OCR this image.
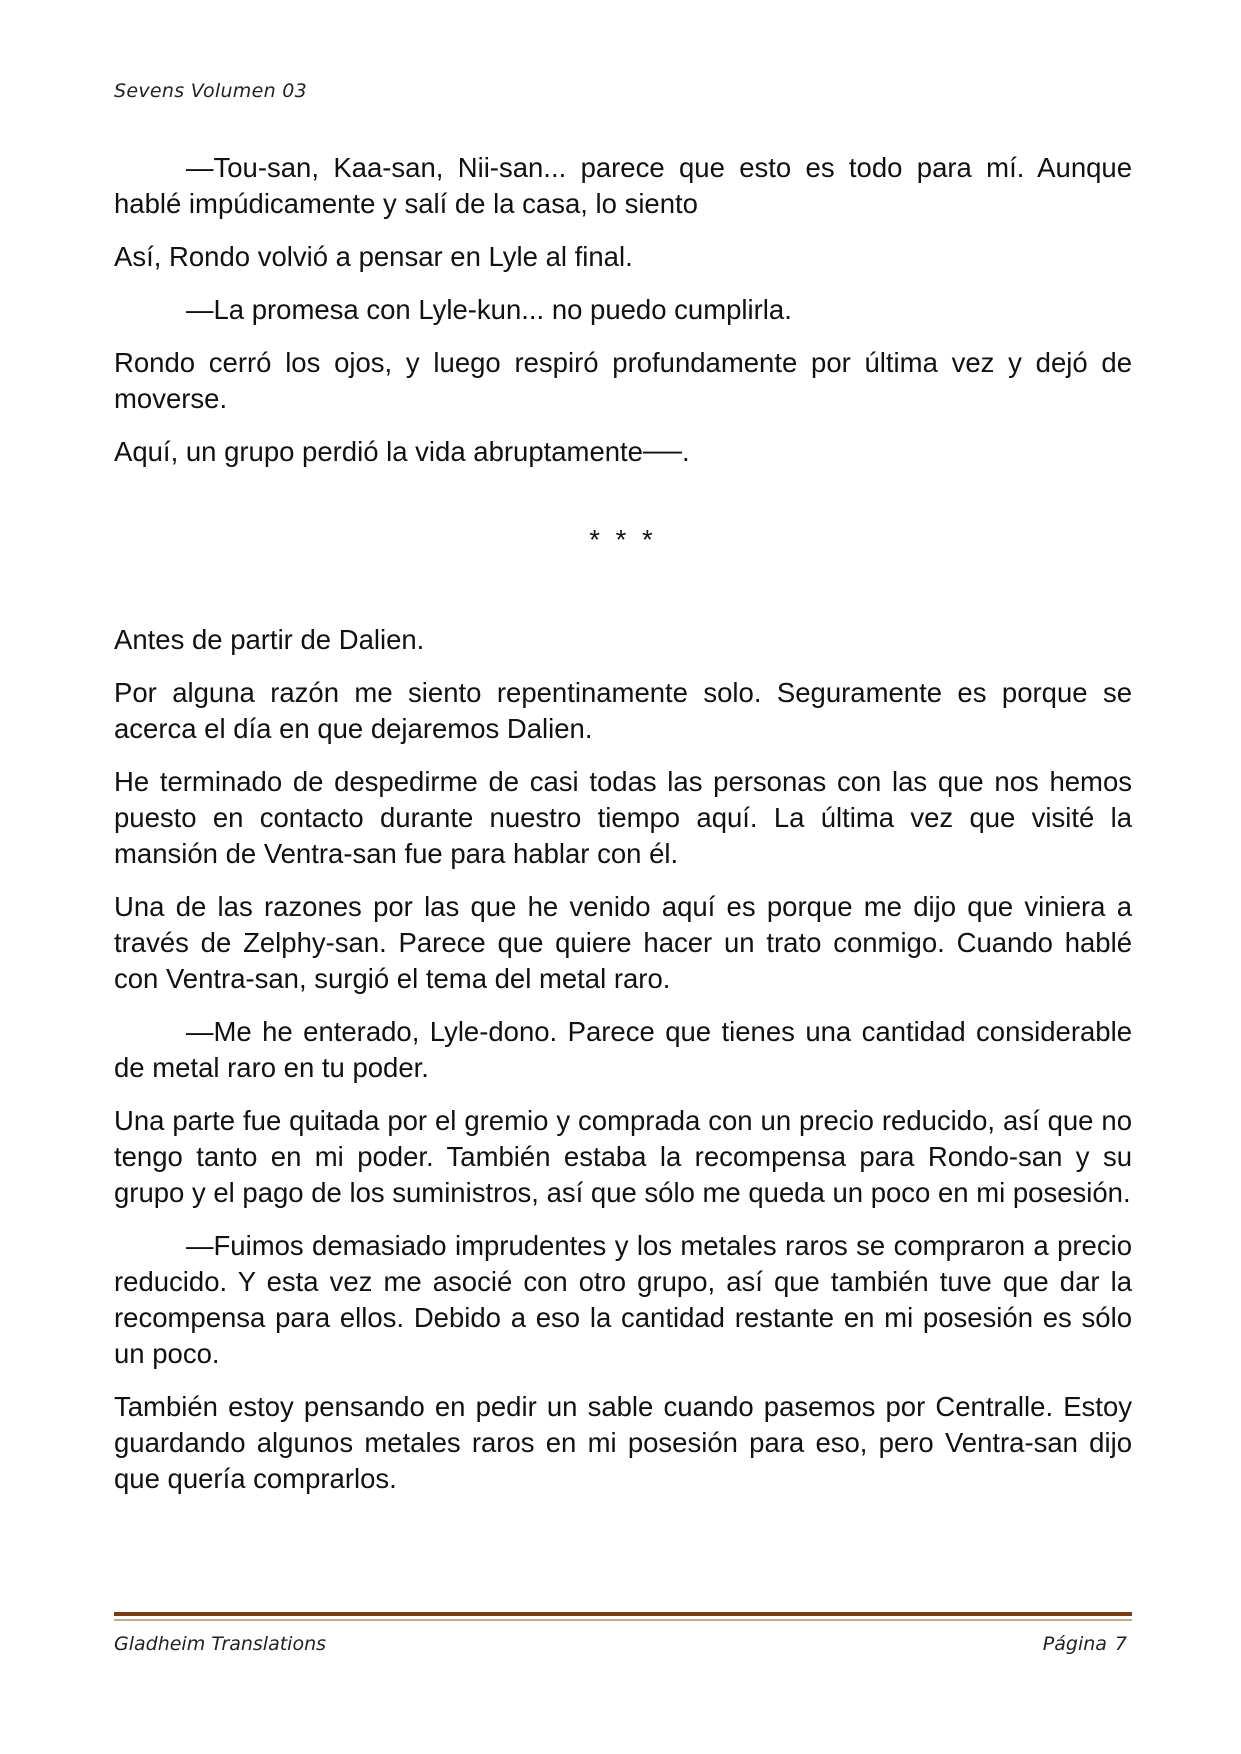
Sevens Volumen 03

—Tou-san, Kaa-san, Nii-san... parece que esto es todo para mí. Aunque hablé impúdicamente y salí de la casa, lo siento

Así, Rondo volvió a pensar en Lyle al final.

—La promesa con Lyle-kun... no puedo cumplirla.

Rondo cerró los ojos, y luego respiró profundamente por última vez y dejó de moverse.

Aquí, un grupo perdió la vida abruptamente──.

* * *

Antes de partir de Dalien.

Por alguna razón me siento repentinamente solo. Seguramente es porque se acerca el día en que dejaremos Dalien.

He terminado de despedirme de casi todas las personas con las que nos hemos puesto en contacto durante nuestro tiempo aquí. La última vez que visité la mansión de Ventra-san fue para hablar con él.

Una de las razones por las que he venido aquí es porque me dijo que viniera a través de Zelphy-san. Parece que quiere hacer un trato conmigo. Cuando hablé con Ventra-san, surgió el tema del metal raro.

—Me he enterado, Lyle-dono. Parece que tienes una cantidad considerable de metal raro en tu poder.

Una parte fue quitada por el gremio y comprada con un precio reducido, así que no tengo tanto en mi poder. También estaba la recompensa para Rondo-san y su grupo y el pago de los suministros, así que sólo me queda un poco en mi posesión.

—Fuimos demasiado imprudentes y los metales raros se compraron a precio reducido. Y esta vez me asocié con otro grupo, así que también tuve que dar la recompensa para ellos. Debido a eso la cantidad restante en mi posesión es sólo un poco.

También estoy pensando en pedir un sable cuando pasemos por Centralle. Estoy guardando algunos metales raros en mi posesión para eso, pero Ventra-san dijo que quería comprarlos.

Gladheim Translations	Página 7
